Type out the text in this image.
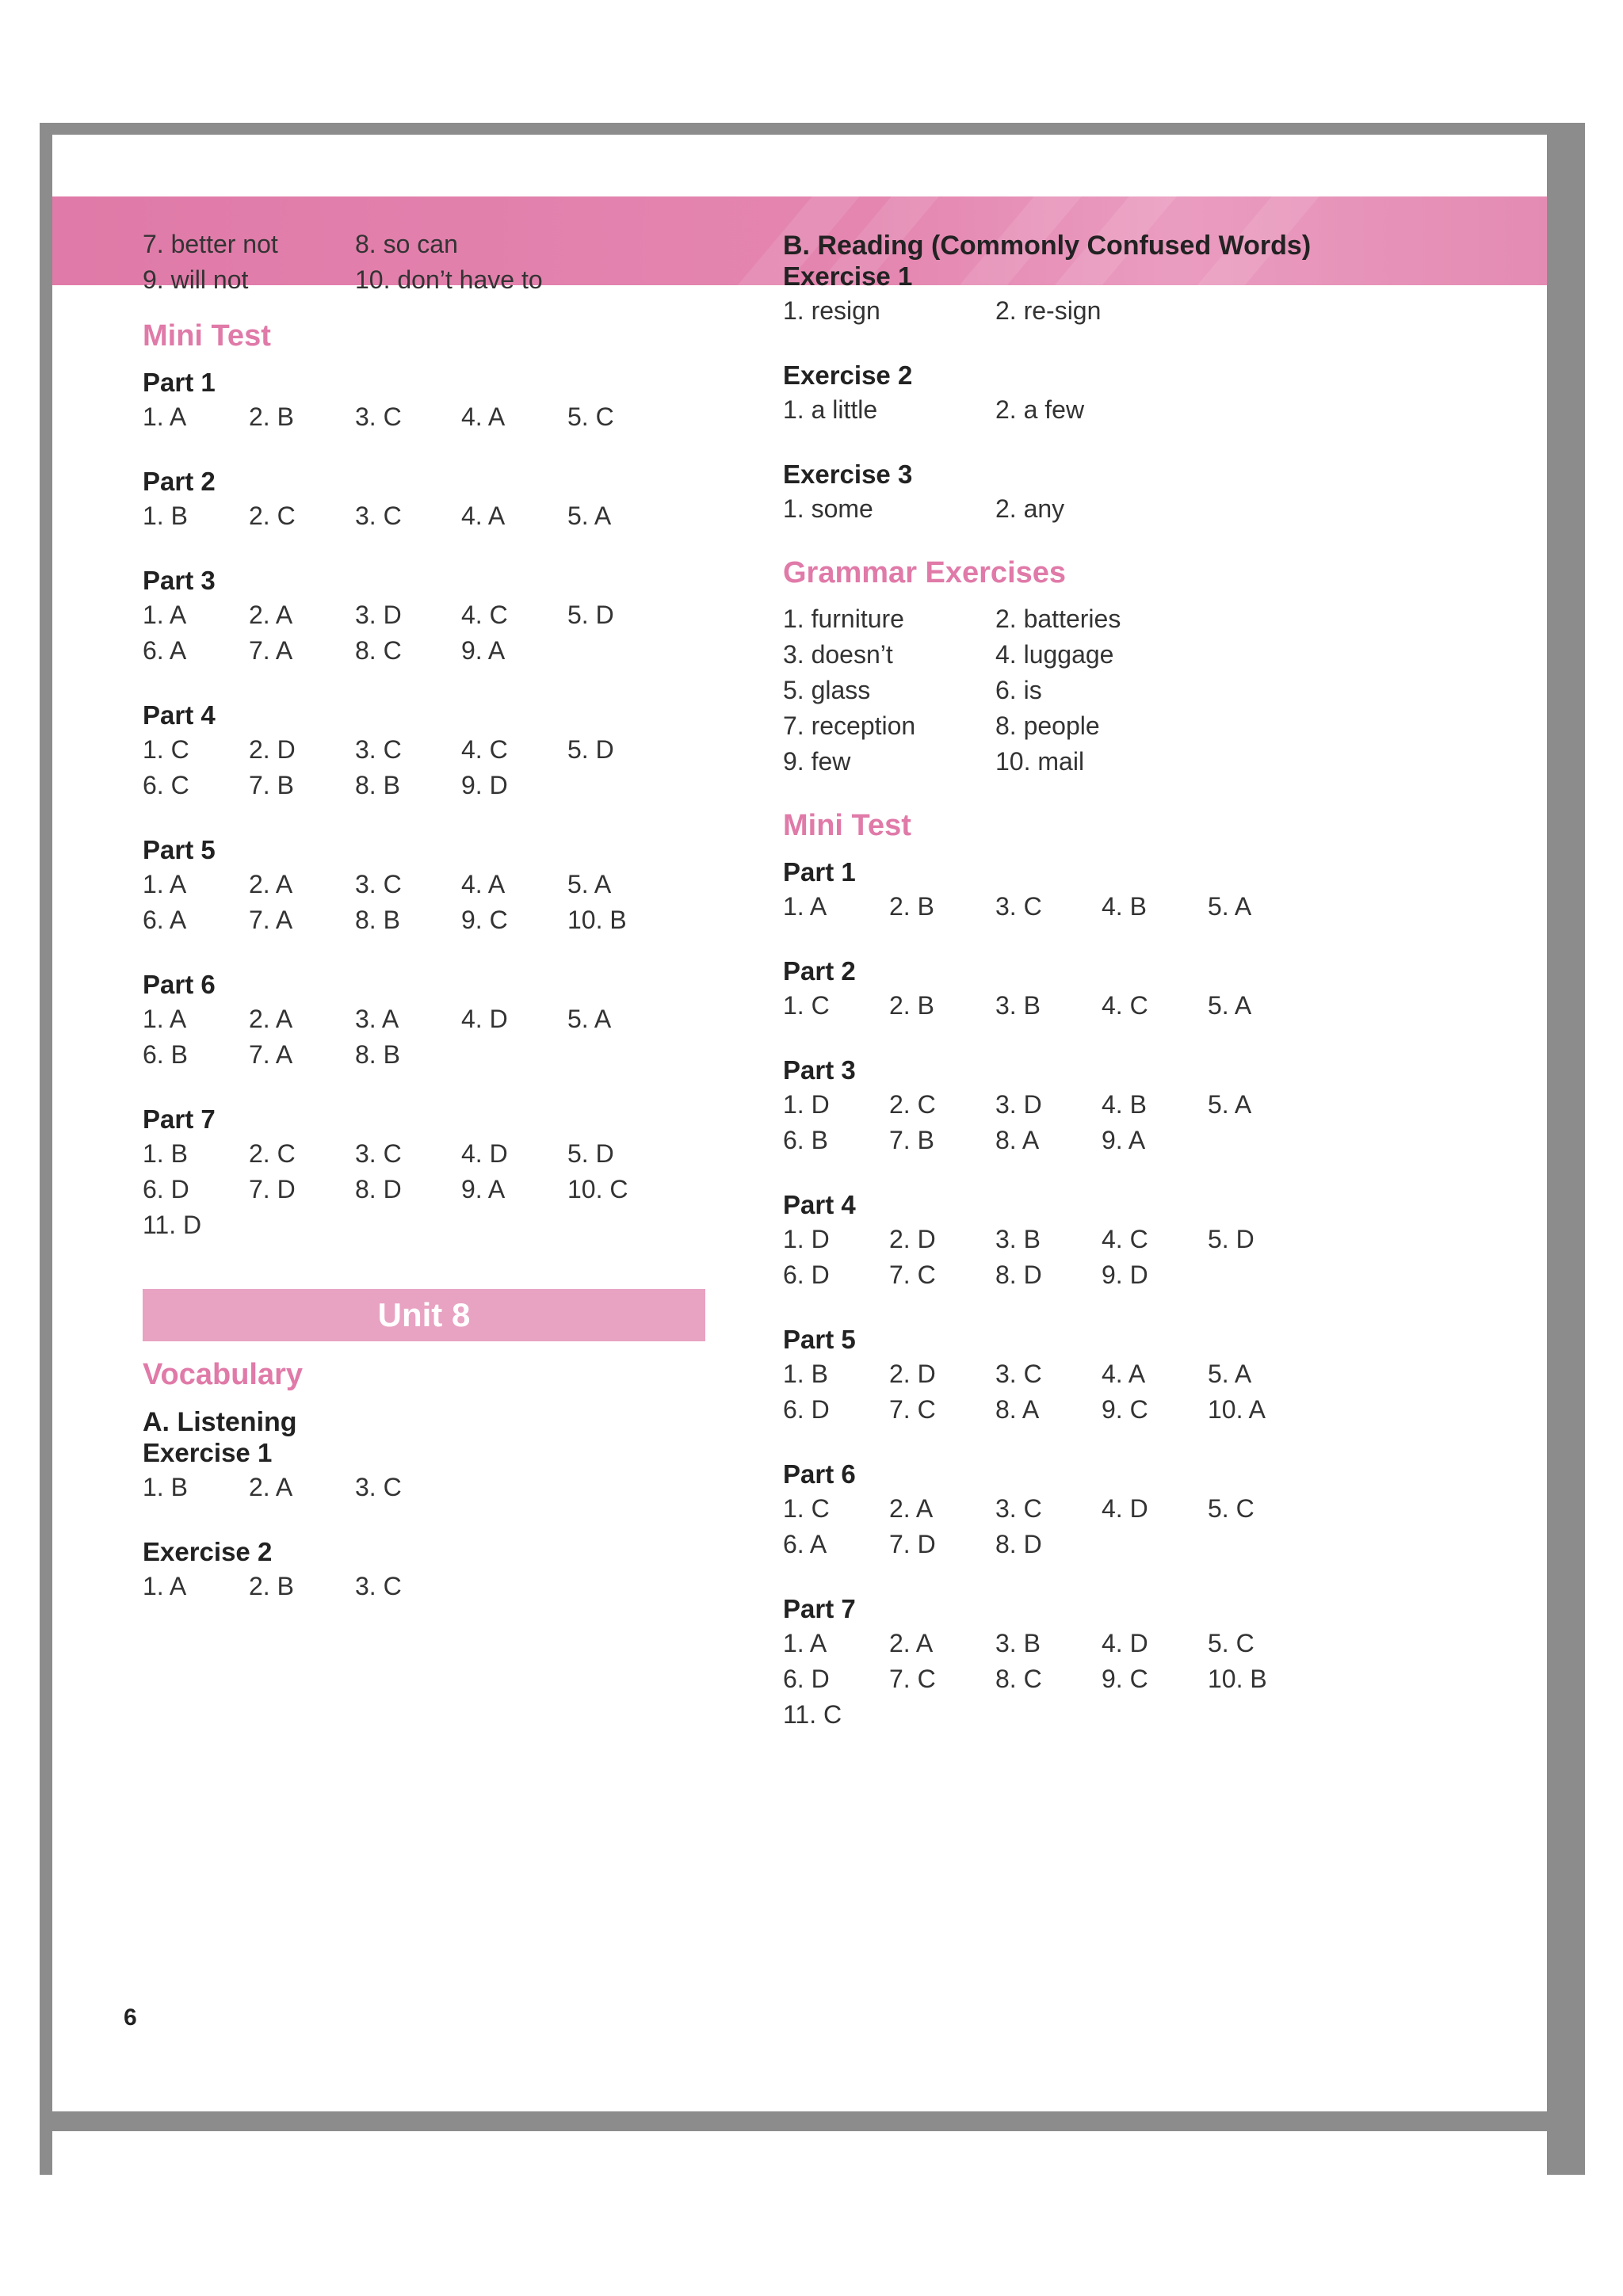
7. better not	8. so can
9. will not	10. don’t have to
Mini Test
Part 1
1. A	2. B	3. C	4. A	5. C
Part 2
1. B	2. C	3. C	4. A	5. A
Part 3
1. A	2. A	3. D	4. C	5. D
6. A	7. A	8. C	9. A
Part 4
1. C	2. D	3. C	4. C	5. D
6. C	7. B	8. B	9. D
Part 5
1. A	2. A	3. C	4. A	5. A
6. A	7. A	8. B	9. C	10. B
Part 6
1. A	2. A	3. A	4. D	5. A
6. B	7. A	8. B
Part 7
1. B	2. C	3. C	4. D	5. D
6. D	7. D	8. D	9. A	10. C
11. D
Unit 8
Vocabulary
A. Listening
Exercise 1
1. B	2. A	3. C
Exercise 2
1. A	2. B	3. C
B. Reading (Commonly Confused Words)
Exercise 1
1. resign	2. re-sign
Exercise 2
1. a little	2. a few
Exercise 3
1. some	2. any
Grammar Exercises
1. furniture	2. batteries
3. doesn’t	4. luggage
5. glass	6. is
7. reception	8. people
9. few	10. mail
Mini Test
Part 1
1. A	2. B	3. C	4. B	5. A
Part 2
1. C	2. B	3. B	4. C	5. A
Part 3
1. D	2. C	3. D	4. B	5. A
6. B	7. B	8. A	9. A
Part 4
1. D	2. D	3. B	4. C	5. D
6. D	7. C	8. D	9. D
Part 5
1. B	2. D	3. C	4. A	5. A
6. D	7. C	8. A	9. C	10. A
Part 6
1. C	2. A	3. C	4. D	5. C
6. A	7. D	8. D
Part 7
1. A	2. A	3. B	4. D	5. C
6. D	7. C	8. C	9. C	10. B
11. C
6
